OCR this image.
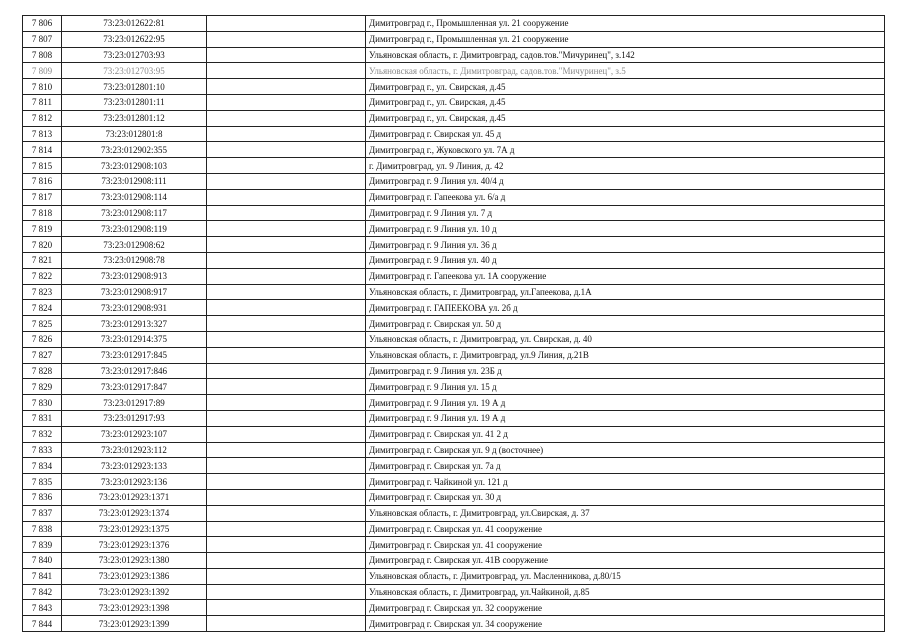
7 806	73:23:012622:81		Димитровград г., Промышленная ул. 21 сооружение
7 807	73:23:012622:95		Димитровград г., Промышленная ул. 21 сооружение
7 808	73:23:012703:93		Ульяновская область, г. Димитровград, садов.тов."Мичуринец", з.142
7 809	73:23:012703:95		Ульяновская область, г. Димитровград, садов.тов."Мичуринец", з.5
7 810	73:23:012801:10		Димитровград г., ул. Свирская, д.45
7 811	73:23:012801:11		Димитровград г., ул. Свирская, д.45
7 812	73:23:012801:12		Димитровград г., ул. Свирская, д.45
7 813	73:23:012801:8		Димитровград г. Свирская ул. 45 д
7 814	73:23:012902:355		Димитровград г., Жуковского ул. 7А д
7 815	73:23:012908:103		г. Димитровград, ул. 9 Линия, д. 42
7 816	73:23:012908:111		Димитровград г. 9 Линия ул. 40/4 д
7 817	73:23:012908:114		Димитровград г. Гапеекова ул. 6/а д
7 818	73:23:012908:117		Димитровград г. 9 Линия ул. 7 д
7 819	73:23:012908:119		Димитровград г. 9 Линия ул. 10 д
7 820	73:23:012908:62		Димитровград г. 9 Линия ул. 36 д
7 821	73:23:012908:78		Димитровград г. 9 Линия ул. 40 д
7 822	73:23:012908:913		Димитровград г. Гапеекова ул. 1А сооружение
7 823	73:23:012908:917		Ульяновская область, г. Димитровград, ул.Гапеекова, д.1А
7 824	73:23:012908:931		Димитровград г. ГАПЕЕКОВА ул. 2б д
7 825	73:23:012913:327		Димитровград г. Свирская ул. 50 д
7 826	73:23:012914:375		Ульяновская область, г. Димитровград, ул. Свирская, д. 40
7 827	73:23:012917:845		Ульяновская область, г. Димитровград, ул.9 Линия, д.21В
7 828	73:23:012917:846		Димитровград г. 9 Линия ул. 23Б д
7 829	73:23:012917:847		Димитровград г. 9 Линия ул. 15 д
7 830	73:23:012917:89		Димитровград г. 9 Линия ул. 19 А д
7 831	73:23:012917:93		Димитровград г. 9 Линия ул. 19 А д
7 832	73:23:012923:107		Димитровград г. Свирская ул. 41 2 д
7 833	73:23:012923:112		Димитровград г. Свирская ул. 9 д (восточнее)
7 834	73:23:012923:133		Димитровград г. Свирская ул. 7а д
7 835	73:23:012923:136		Димитровград г. Чайкиной ул. 121 д
7 836	73:23:012923:1371		Димитровград г. Свирская ул. 30 д
7 837	73:23:012923:1374		Ульяновская область, г. Димитровград, ул.Свирская, д. 37
7 838	73:23:012923:1375		Димитровград г. Свирская ул. 41 сооружение
7 839	73:23:012923:1376		Димитровград г. Свирская ул. 41 сооружение
7 840	73:23:012923:1380		Димитровград г. Свирская ул. 41В сооружение
7 841	73:23:012923:1386		Ульяновская область, г. Димитровград, ул. Масленникова, д.80/15
7 842	73:23:012923:1392		Ульяновская область, г. Димитровград, ул.Чайкиной, д.85
7 843	73:23:012923:1398		Димитровград г. Свирская ул. 32 сооружение
7 844	73:23:012923:1399		Димитровград г. Свирская ул. 34 сооружение
